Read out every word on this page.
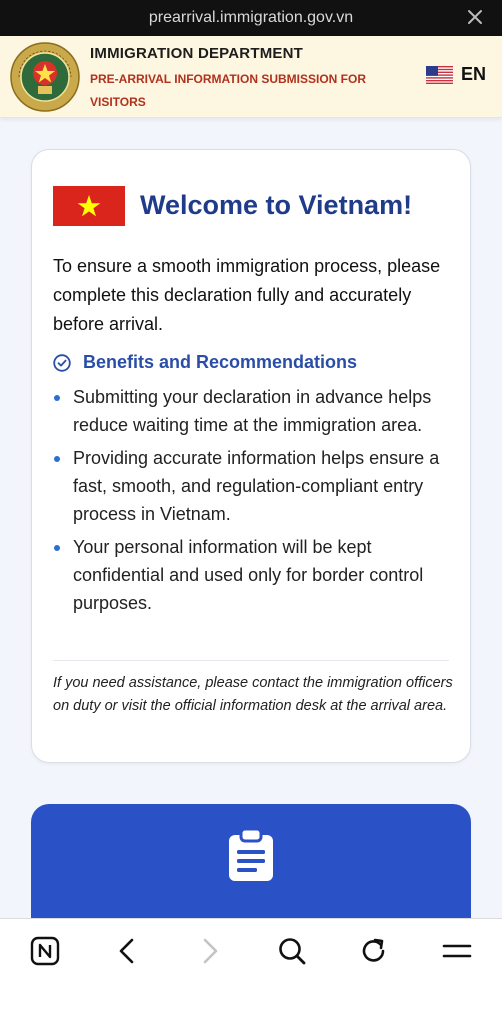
prearrival.immigration.gov.vn
IMMIGRATION DEPARTMENT
PRE-ARRIVAL INFORMATION SUBMISSION FOR VISITORS
EN
Welcome to Vietnam!
To ensure a smooth immigration process, please complete this declaration fully and accurately before arrival.
Benefits and Recommendations
Submitting your declaration in advance helps reduce waiting time at the immigration area.
Providing accurate information helps ensure a fast, smooth, and regulation-compliant entry process in Vietnam.
Your personal information will be kept confidential and used only for border control purposes.
If you need assistance, please contact the immigration officers on duty or visit the official information desk at the arrival area.
